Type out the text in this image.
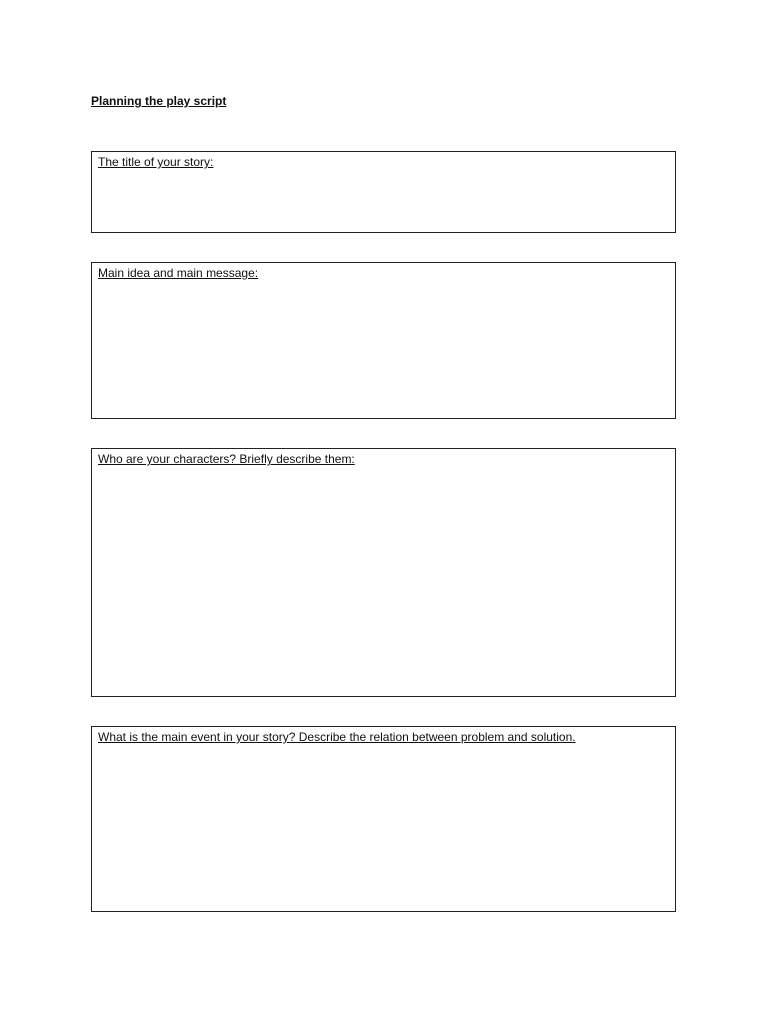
Planning the play script
The title of your story:
Main idea and main message:
Who are your characters? Briefly describe them:
What is the main event in your story? Describe the relation between problem and solution.
